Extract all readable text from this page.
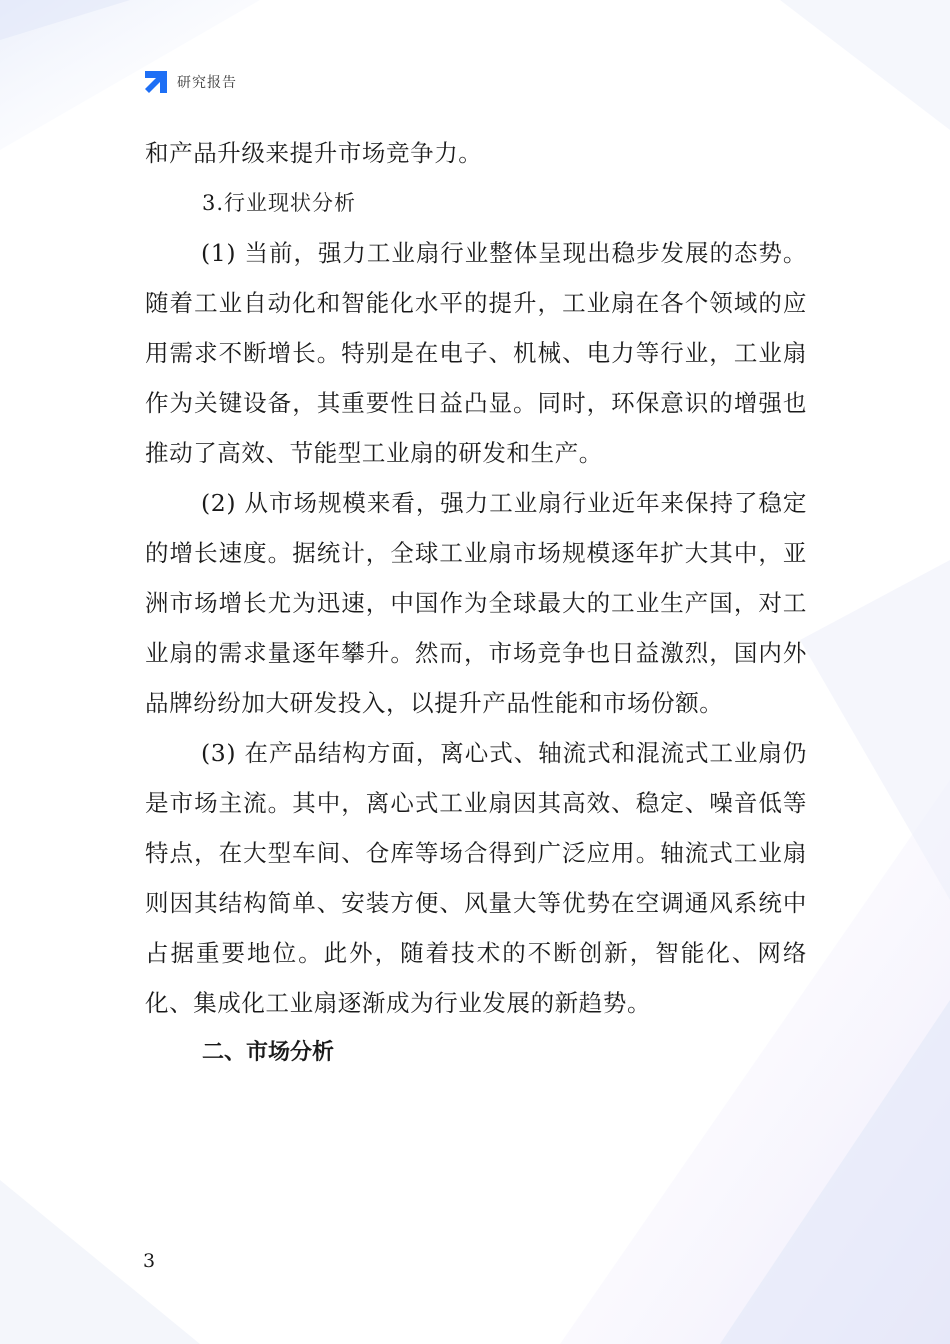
研究报告

和产品升级来提升市场竞争力。

3.行业现状分析

(1) 当前，强力工业扇行业整体呈现出稳步发展的态势。随着工业自动化和智能化水平的提升，工业扇在各个领域的应用需求不断增长。特别是在电子、机械、电力等行业，工业扇作为关键设备，其重要性日益凸显。同时，环保意识的增强也推动了高效、节能型工业扇的研发和生产。

(2) 从市场规模来看，强力工业扇行业近年来保持了稳定的增长速度。据统计，全球工业扇市场规模逐年扩大其中，亚洲市场增长尤为迅速，中国作为全球最大的工业生产国，对工业扇的需求量逐年攀升。然而，市场竞争也日益激烈，国内外品牌纷纷加大研发投入，以提升产品性能和市场份额。

(3) 在产品结构方面，离心式、轴流式和混流式工业扇仍是市场主流。其中，离心式工业扇因其高效、稳定、噪音低等特点，在大型车间、仓库等场合得到广泛应用。轴流式工业扇则因其结构简单、安装方便、风量大等优势在空调通风系统中占据重要地位。此外，随着技术的不断创新，智能化、网络化、集成化工业扇逐渐成为行业发展的新趋势。

二、市场分析

3
